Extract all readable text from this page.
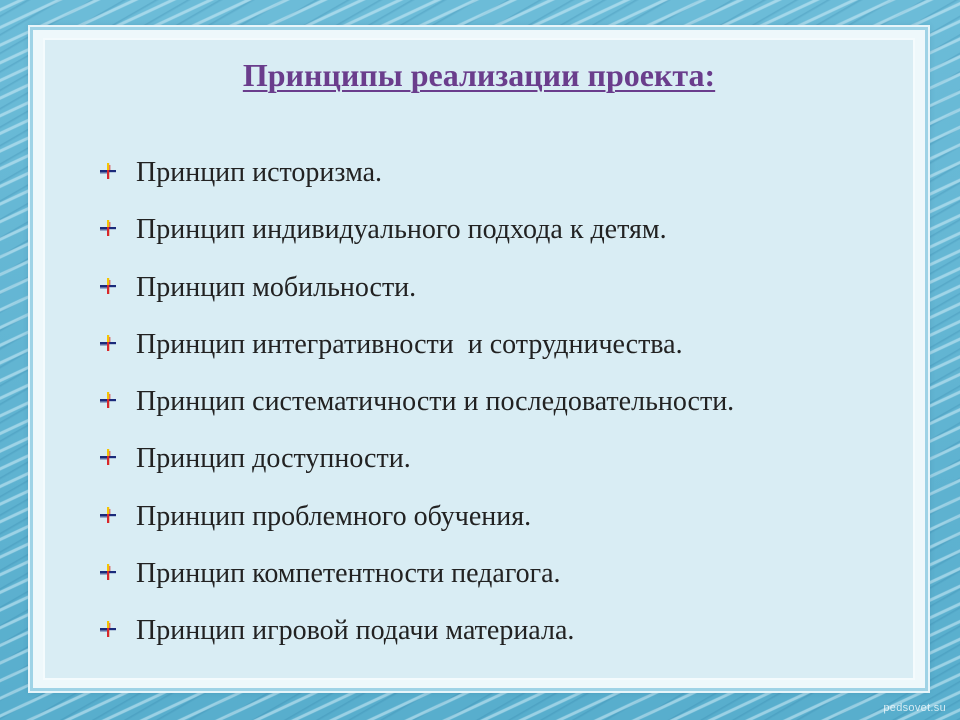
Принципы реализации проекта:
Принцип историзма.
Принцип индивидуального подхода к детям.
Принцип мобильности.
Принцип интегративности  и сотрудничества.
Принцип систематичности и последовательности.
Принцип доступности.
Принцип проблемного обучения.
Принцип компетентности педагога.
Принцип игровой подачи материала.
pedsovet.su
